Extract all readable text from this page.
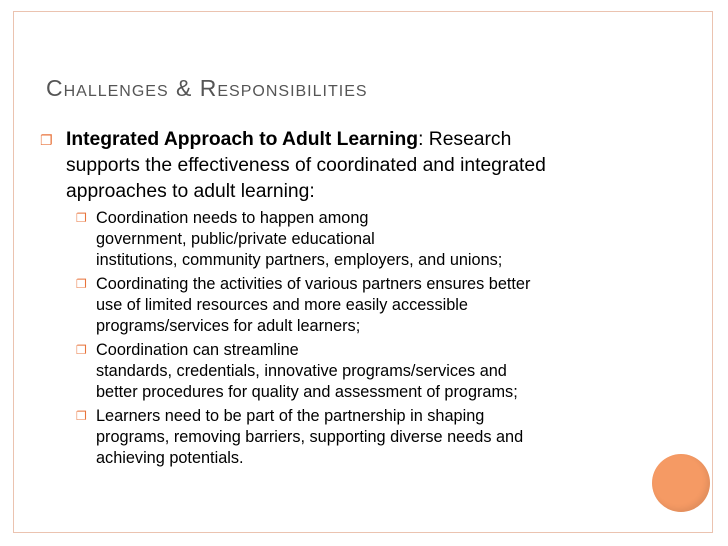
Challenges & Responsibilities
❐ Integrated Approach to Adult Learning: Research
supports the effectiveness of coordinated and integrated
approaches to adult learning:
❐ Coordination needs to happen among
government, public/private educational
institutions, community partners, employers, and unions;
❐ Coordinating the activities of various partners ensures better
use of limited resources and more easily accessible
programs/services for adult learners;
❐ Coordination can streamline
standards, credentials, innovative programs/services and
better procedures for quality and assessment of programs;
❐ Learners need to be part of the partnership in shaping
programs, removing barriers, supporting diverse needs and
achieving potentials.
